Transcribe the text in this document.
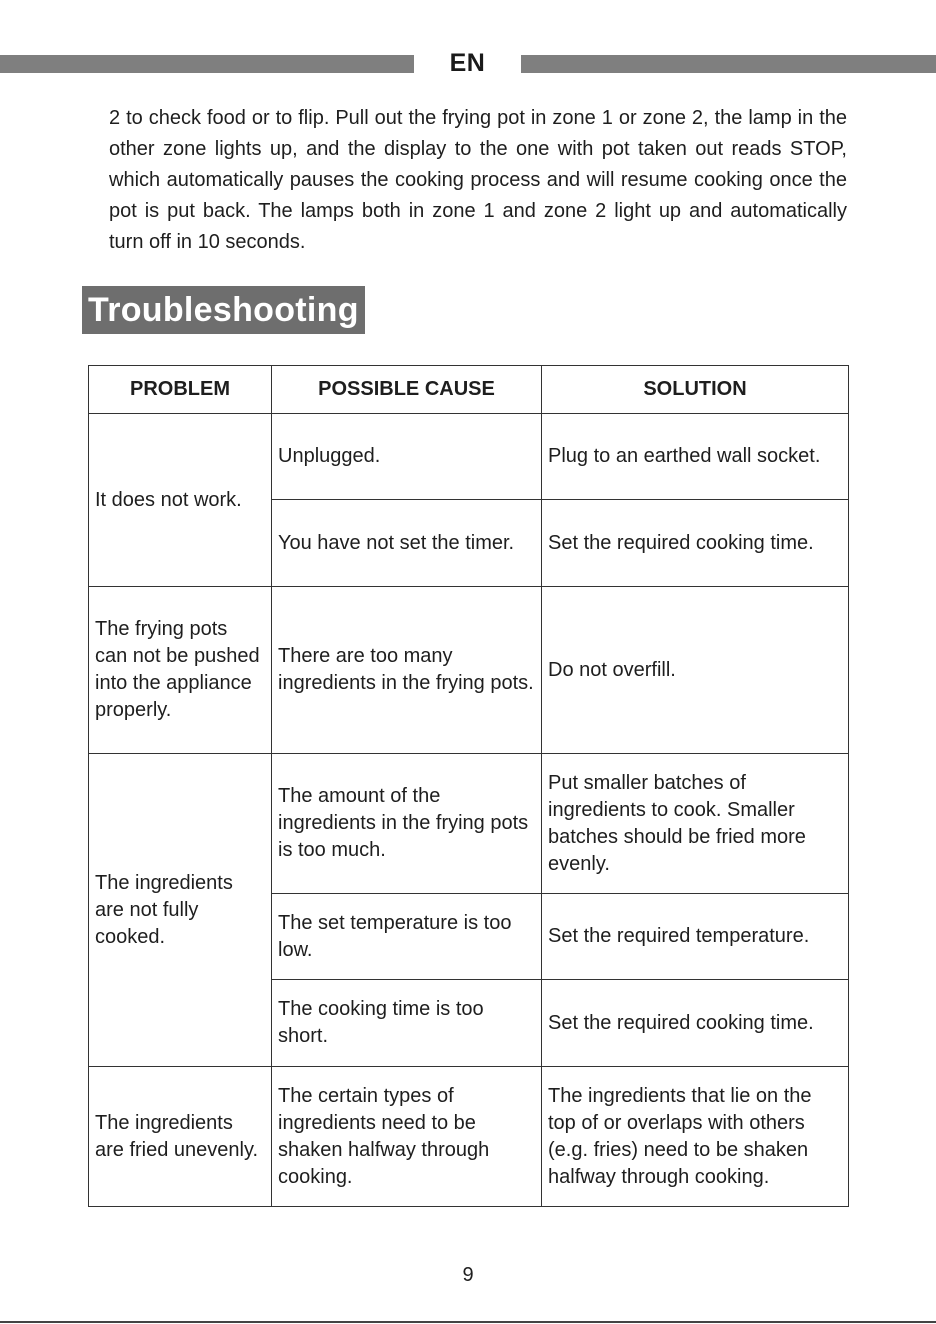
EN

2 to check food or to flip. Pull out the frying pot in zone 1 or zone 2, the lamp in the other zone lights up, and the display to the one with pot taken out reads STOP, which automatically pauses the cooking process and will resume cooking once the pot is put back. The lamps both in zone 1 and zone 2 light up and automatically turn off in 10 seconds.

Troubleshooting
PROBLEM	POSSIBLE CAUSE	SOLUTION
It does not work.	Unplugged.	Plug to an earthed wall socket.
	You have not set the timer.	Set the required cooking time.
The frying pots can not be pushed into the appliance properly.	There are too many ingredients in the frying pots.	Do not overfill.
The ingredients are not fully cooked.	The amount of the ingredients in the frying pots is too much.	Put smaller batches of ingredients to cook. Smaller batches should be fried more evenly.
	The set temperature is too low.	Set the required temperature.
	The cooking time is too short.	Set the required cooking time.
The ingredients are fried unevenly.	The certain types of ingredients need to be shaken halfway through cooking.	The ingredients that lie on the top of or overlaps with others (e.g. fries) need to be shaken halfway through cooking.
9
